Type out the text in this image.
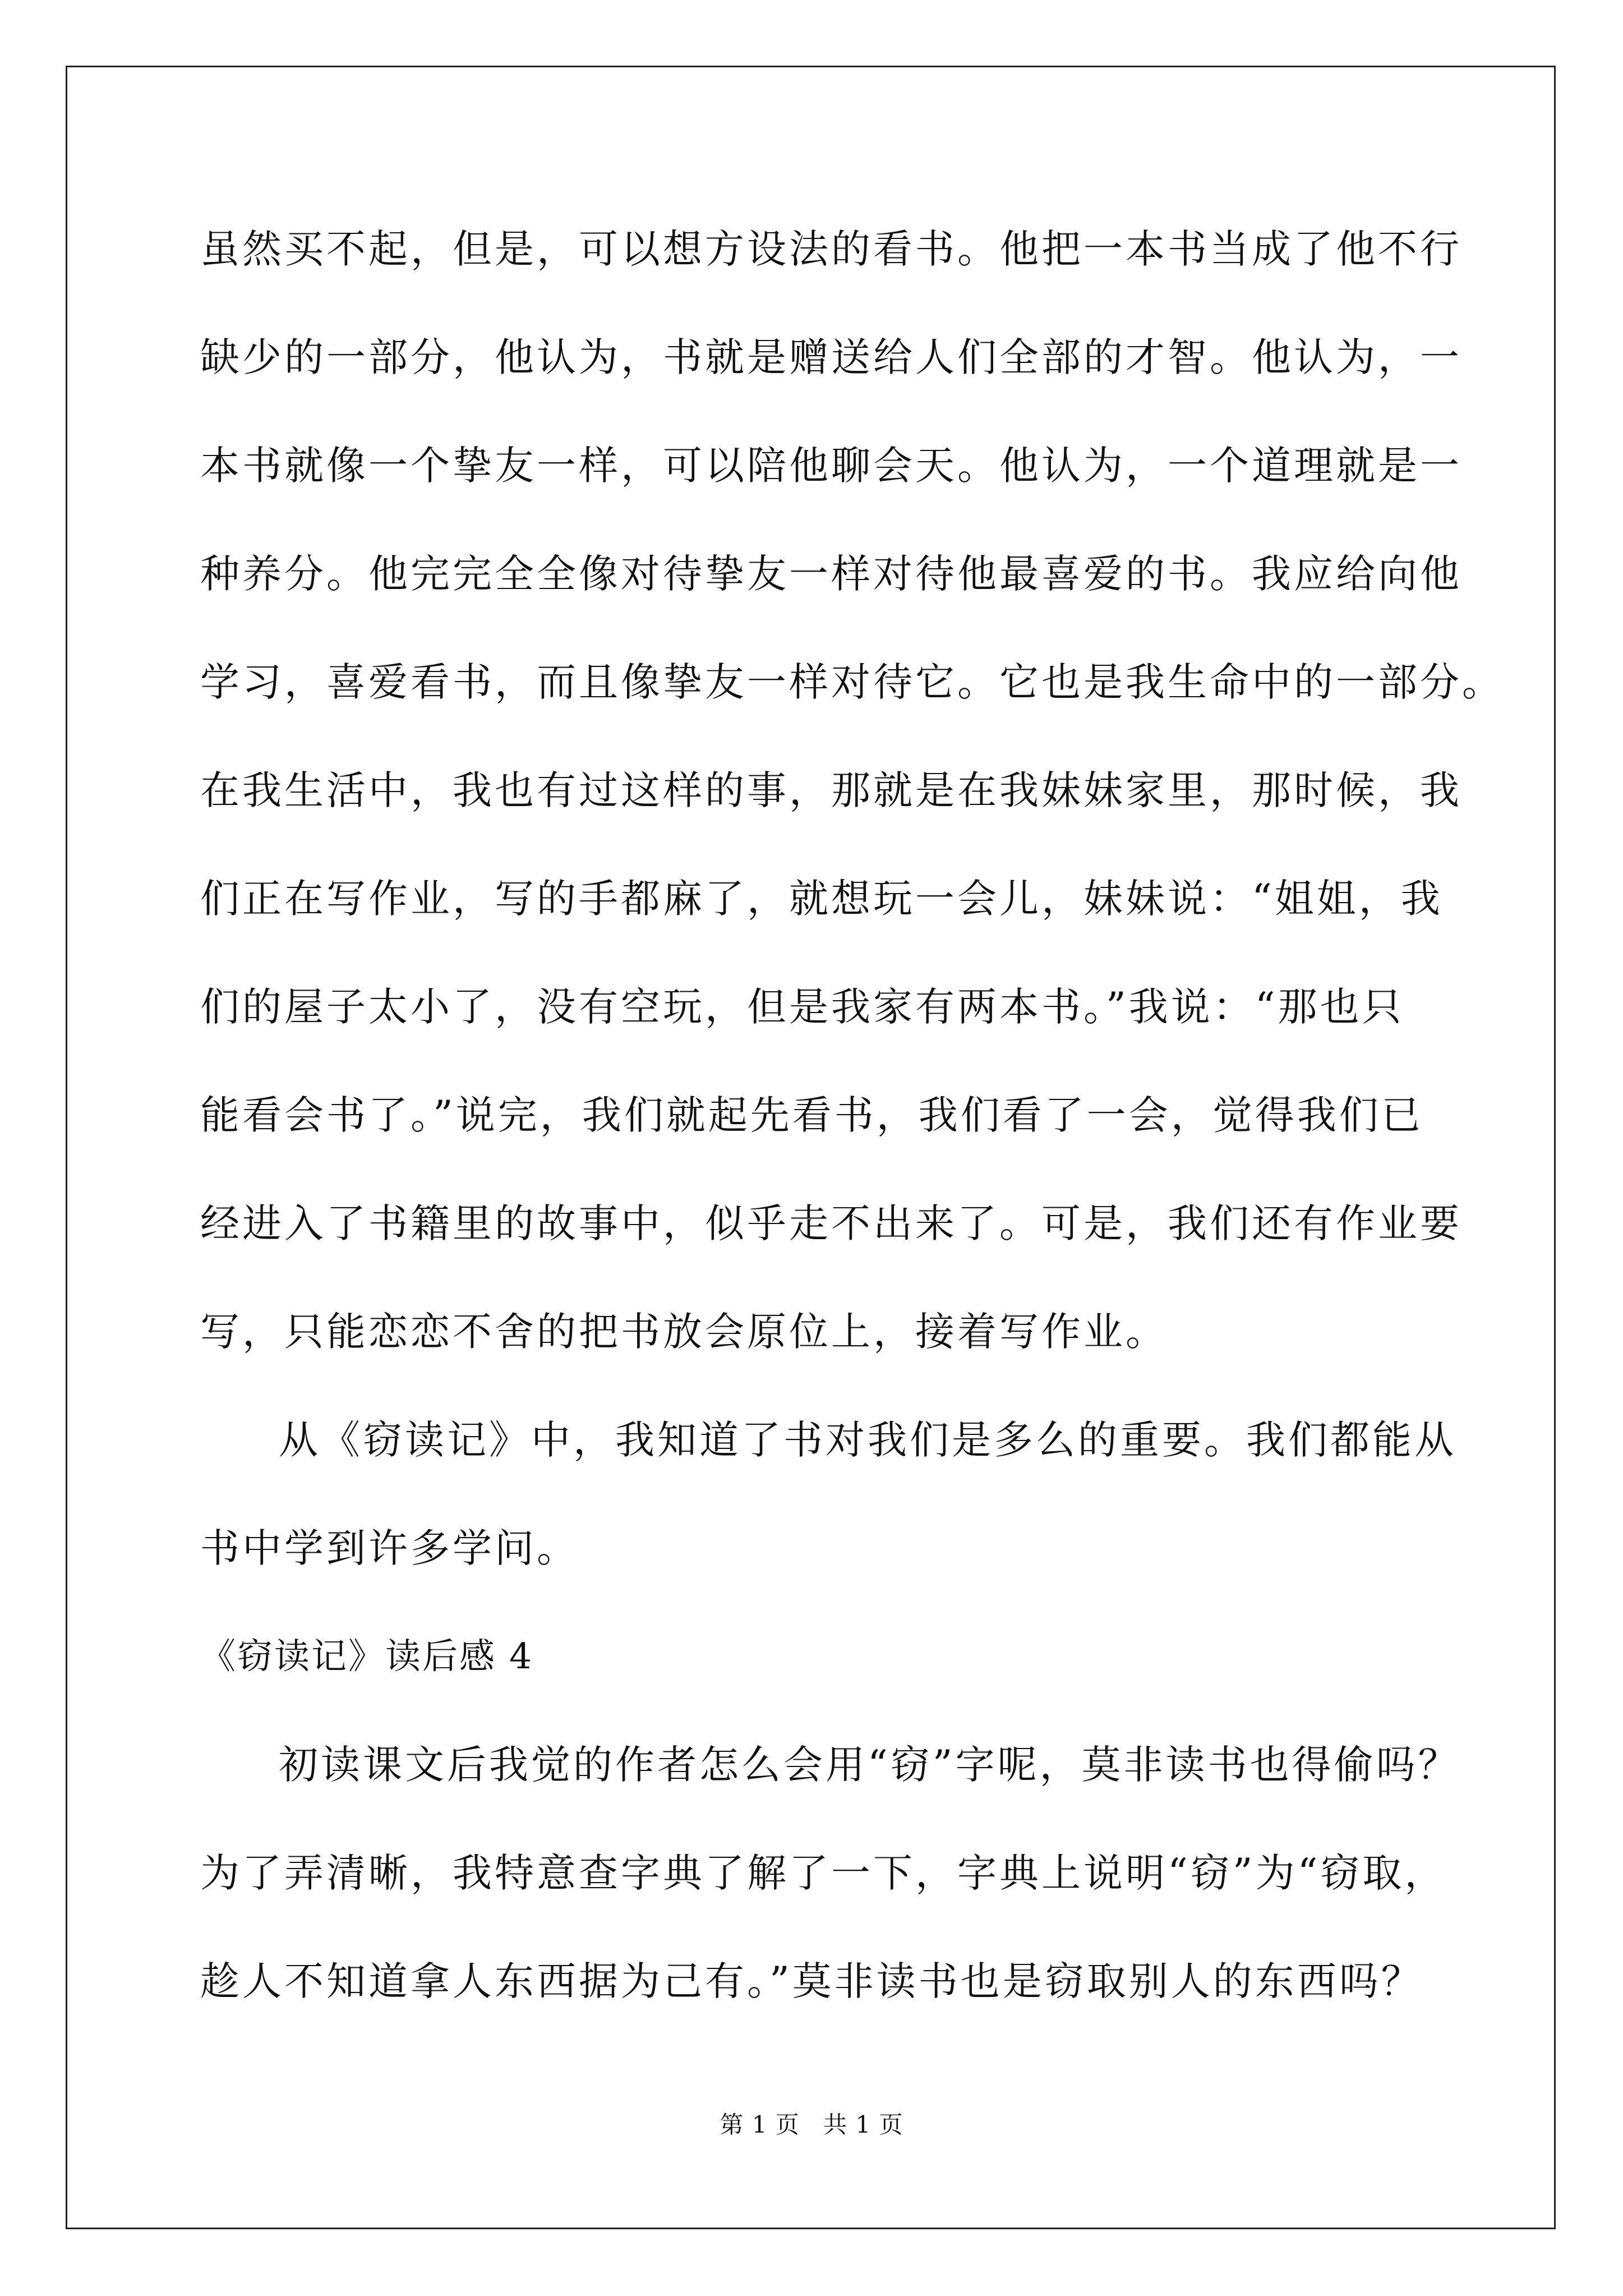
虽然买不起，但是，可以想方设法的看书。他把一本书当成了他不行
缺少的一部分，他认为，书就是赠送给人们全部的才智。他认为，一
本书就像一个挚友一样，可以陪他聊会天。他认为，一个道理就是一
种养分。他完完全全像对待挚友一样对待他最喜爱的书。我应给向他
学习，喜爱看书，而且像挚友一样对待它。它也是我生命中的一部分。
在我生活中，我也有过这样的事，那就是在我妹妹家里，那时候，我
们正在写作业，写的手都麻了，就想玩一会儿，妹妹说：“姐姐，我
们的屋子太小了，没有空玩，但是我家有两本书。”我说：“那也只
能看会书了。”说完，我们就起先看书，我们看了一会，觉得我们已
经进入了书籍里的故事中，似乎走不出来了。可是，我们还有作业要
写，只能恋恋不舍的把书放会原位上，接着写作业。
从《窃读记》中，我知道了书对我们是多么的重要。我们都能从
书中学到许多学问。
《窃读记》读后感 4
初读课文后我觉的作者怎么会用“窃”字呢，莫非读书也得偷吗？
为了弄清晰，我特意查字典了解了一下，字典上说明“窃”为“窃取，
趁人不知道拿人东西据为己有。”莫非读书也是窃取别人的东西吗？
第 1 页 共 1 页
